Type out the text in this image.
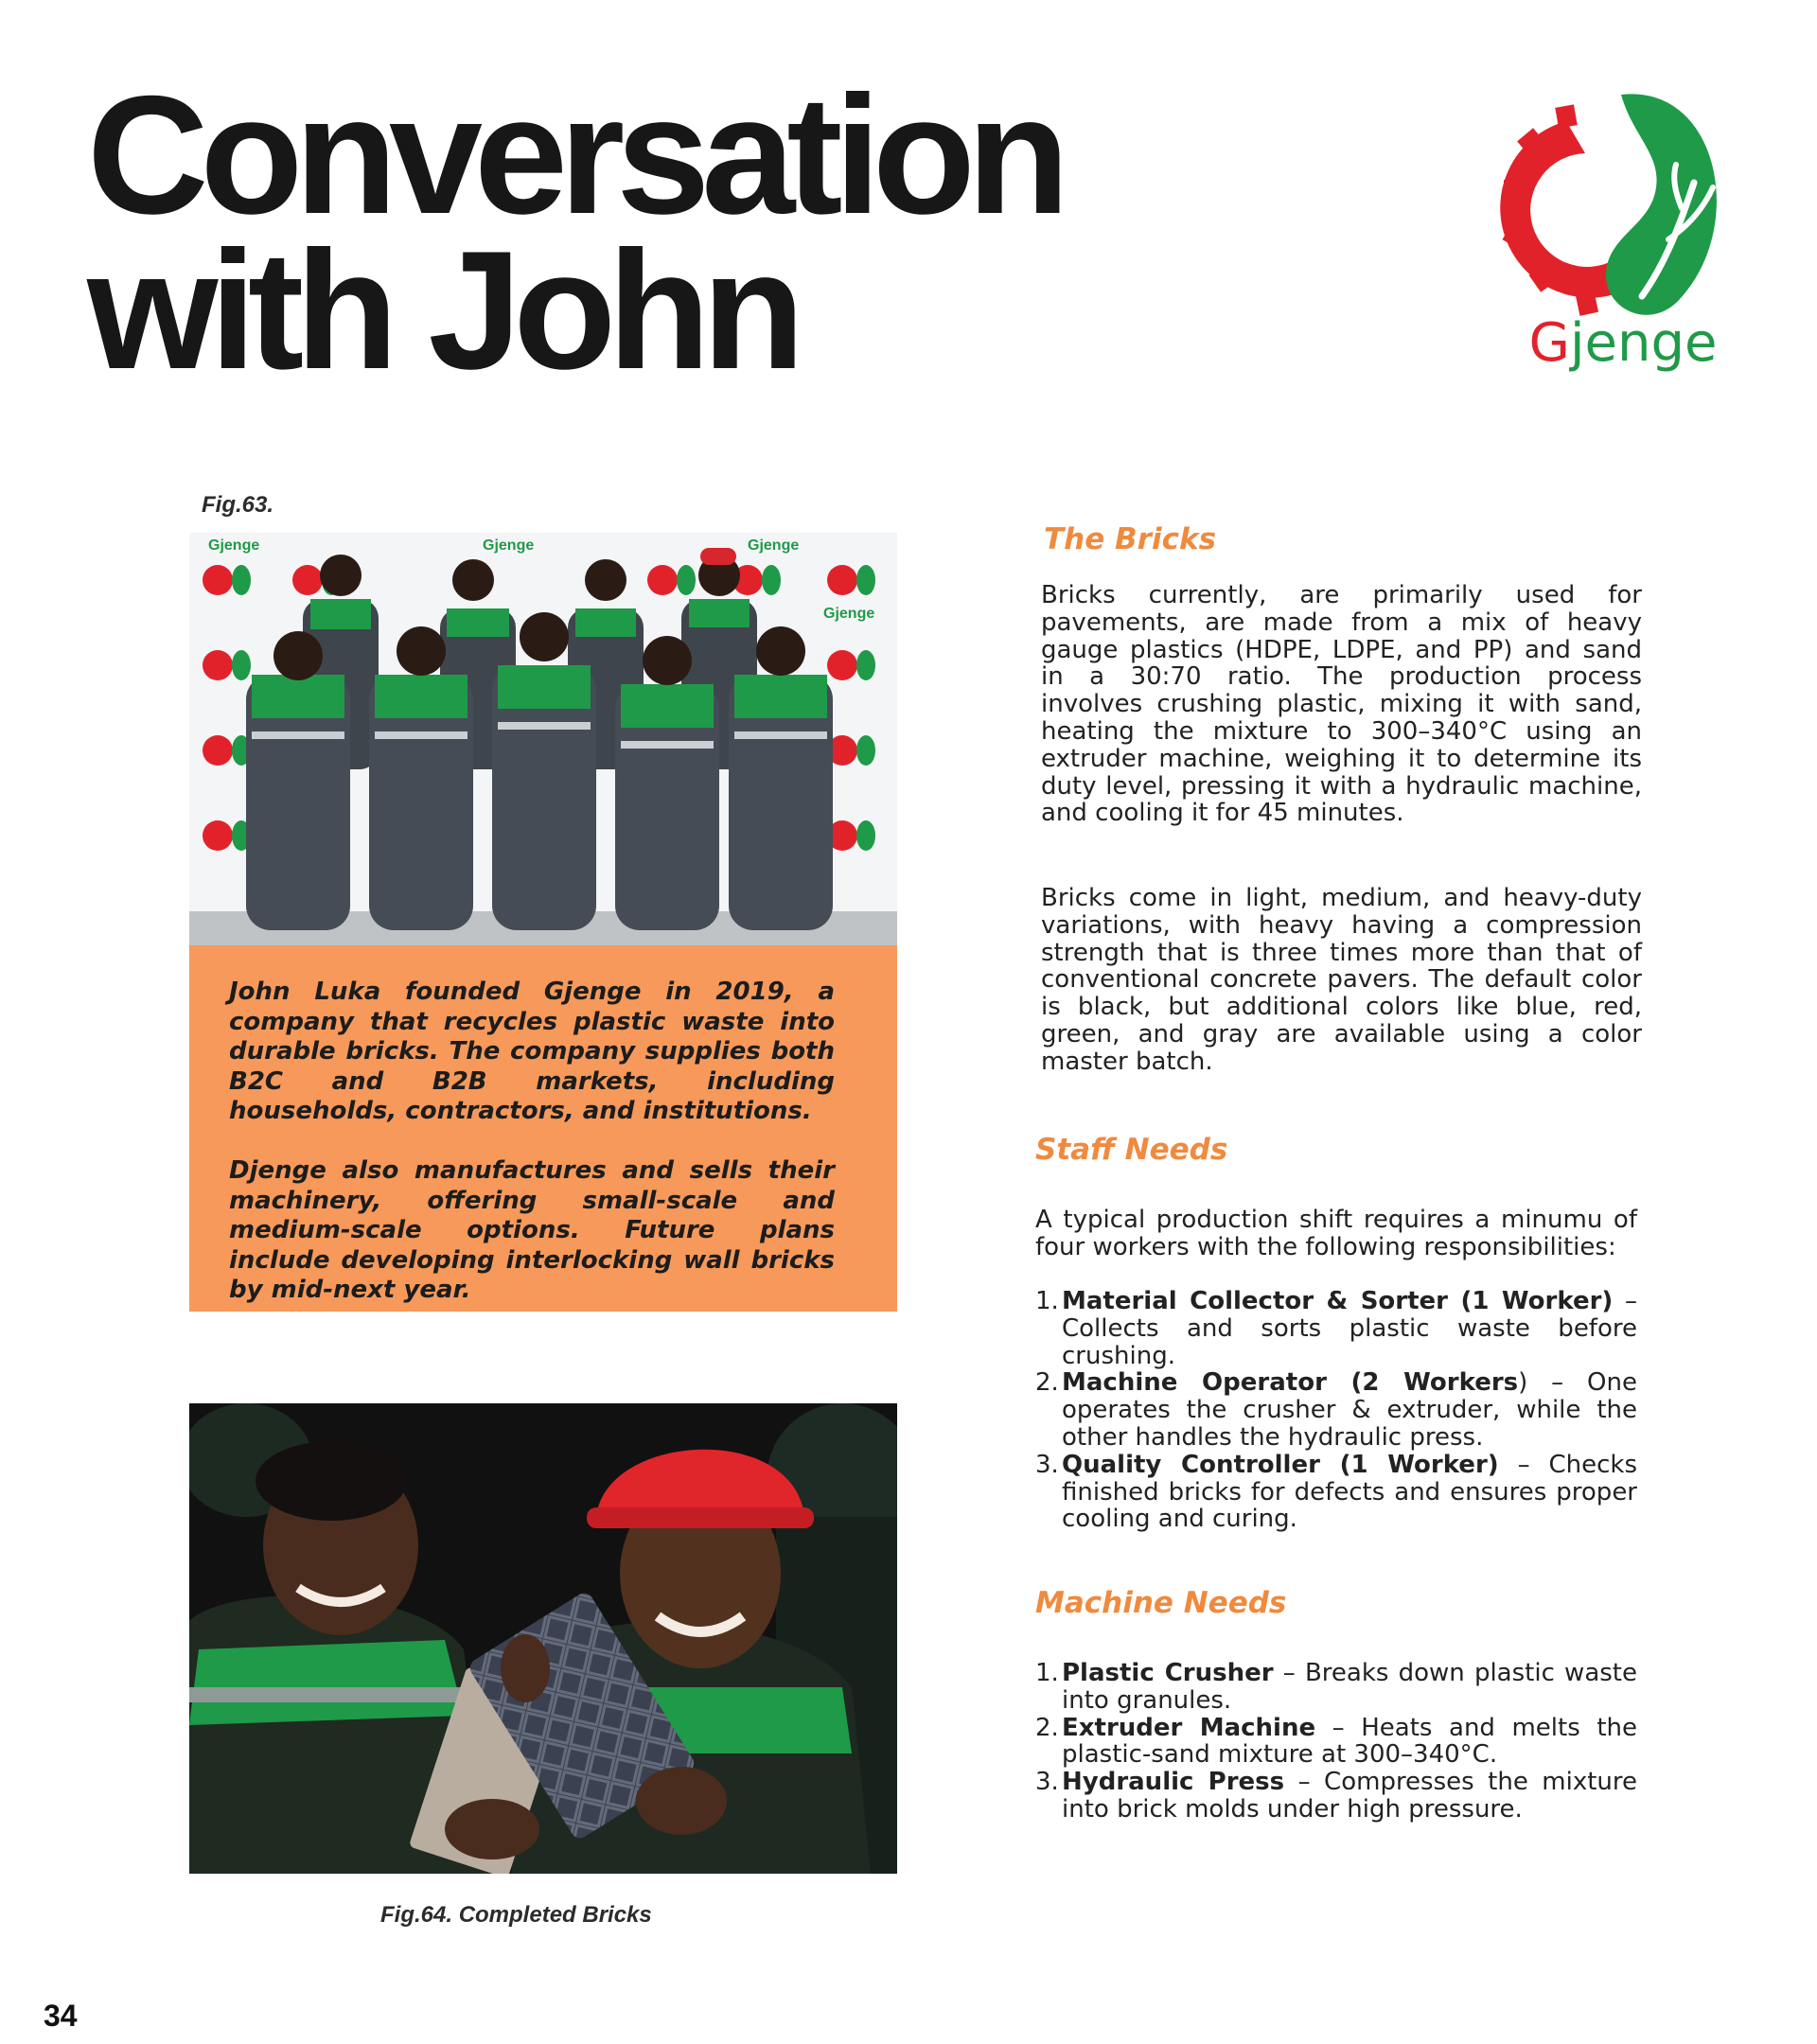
Conversation
with John	Gjenge
Fig.63.
Gjenge	Gjenge	Gjenge
Gjenge

John Luka founded Gjenge in 2019, a company that recycles plastic waste into durable bricks. The company supplies both B2C and B2B markets, including households, contractors, and institutions.

Djenge also manufactures and sells their machinery, offering small-scale and medium-scale options. Future plans include developing interlocking wall bricks by mid-next year.

Fig.64. Completed Bricks
The Bricks

Bricks currently, are primarily used for pavements, are made from a mix of heavy gauge plastics (HDPE, LDPE, and PP) and sand in a 30:70 ratio. The production process involves crushing plastic, mixing it with sand, heating the mixture to 300–340°C using an extruder machine, weighing it to determine its duty level, pressing it with a hydraulic machine, and cooling it for 45 minutes.

Bricks come in light, medium, and heavy-duty variations, with heavy having a compression strength that is three times more than that of conventional concrete pavers. The default color is black, but additional colors like blue, red, green, and gray are available using a color master batch.

Staff Needs

A typical production shift requires a minumu of four workers with the following responsibilities:

1. Material Collector & Sorter (1 Worker) – Collects and sorts plastic waste before crushing.
2. Machine Operator (2 Workers) – One operates the crusher & extruder, while the other handles the hydraulic press.
3. Quality Controller (1 Worker) – Checks finished bricks for defects and ensures proper cooling and curing.
Machine Needs
1. Plastic Crusher – Breaks down plastic waste into granules.
2. Extruder Machine – Heats and melts the plastic-sand mixture at 300–340°C.
3. Hydraulic Press – Compresses the mixture into brick molds under high pressure.
34
